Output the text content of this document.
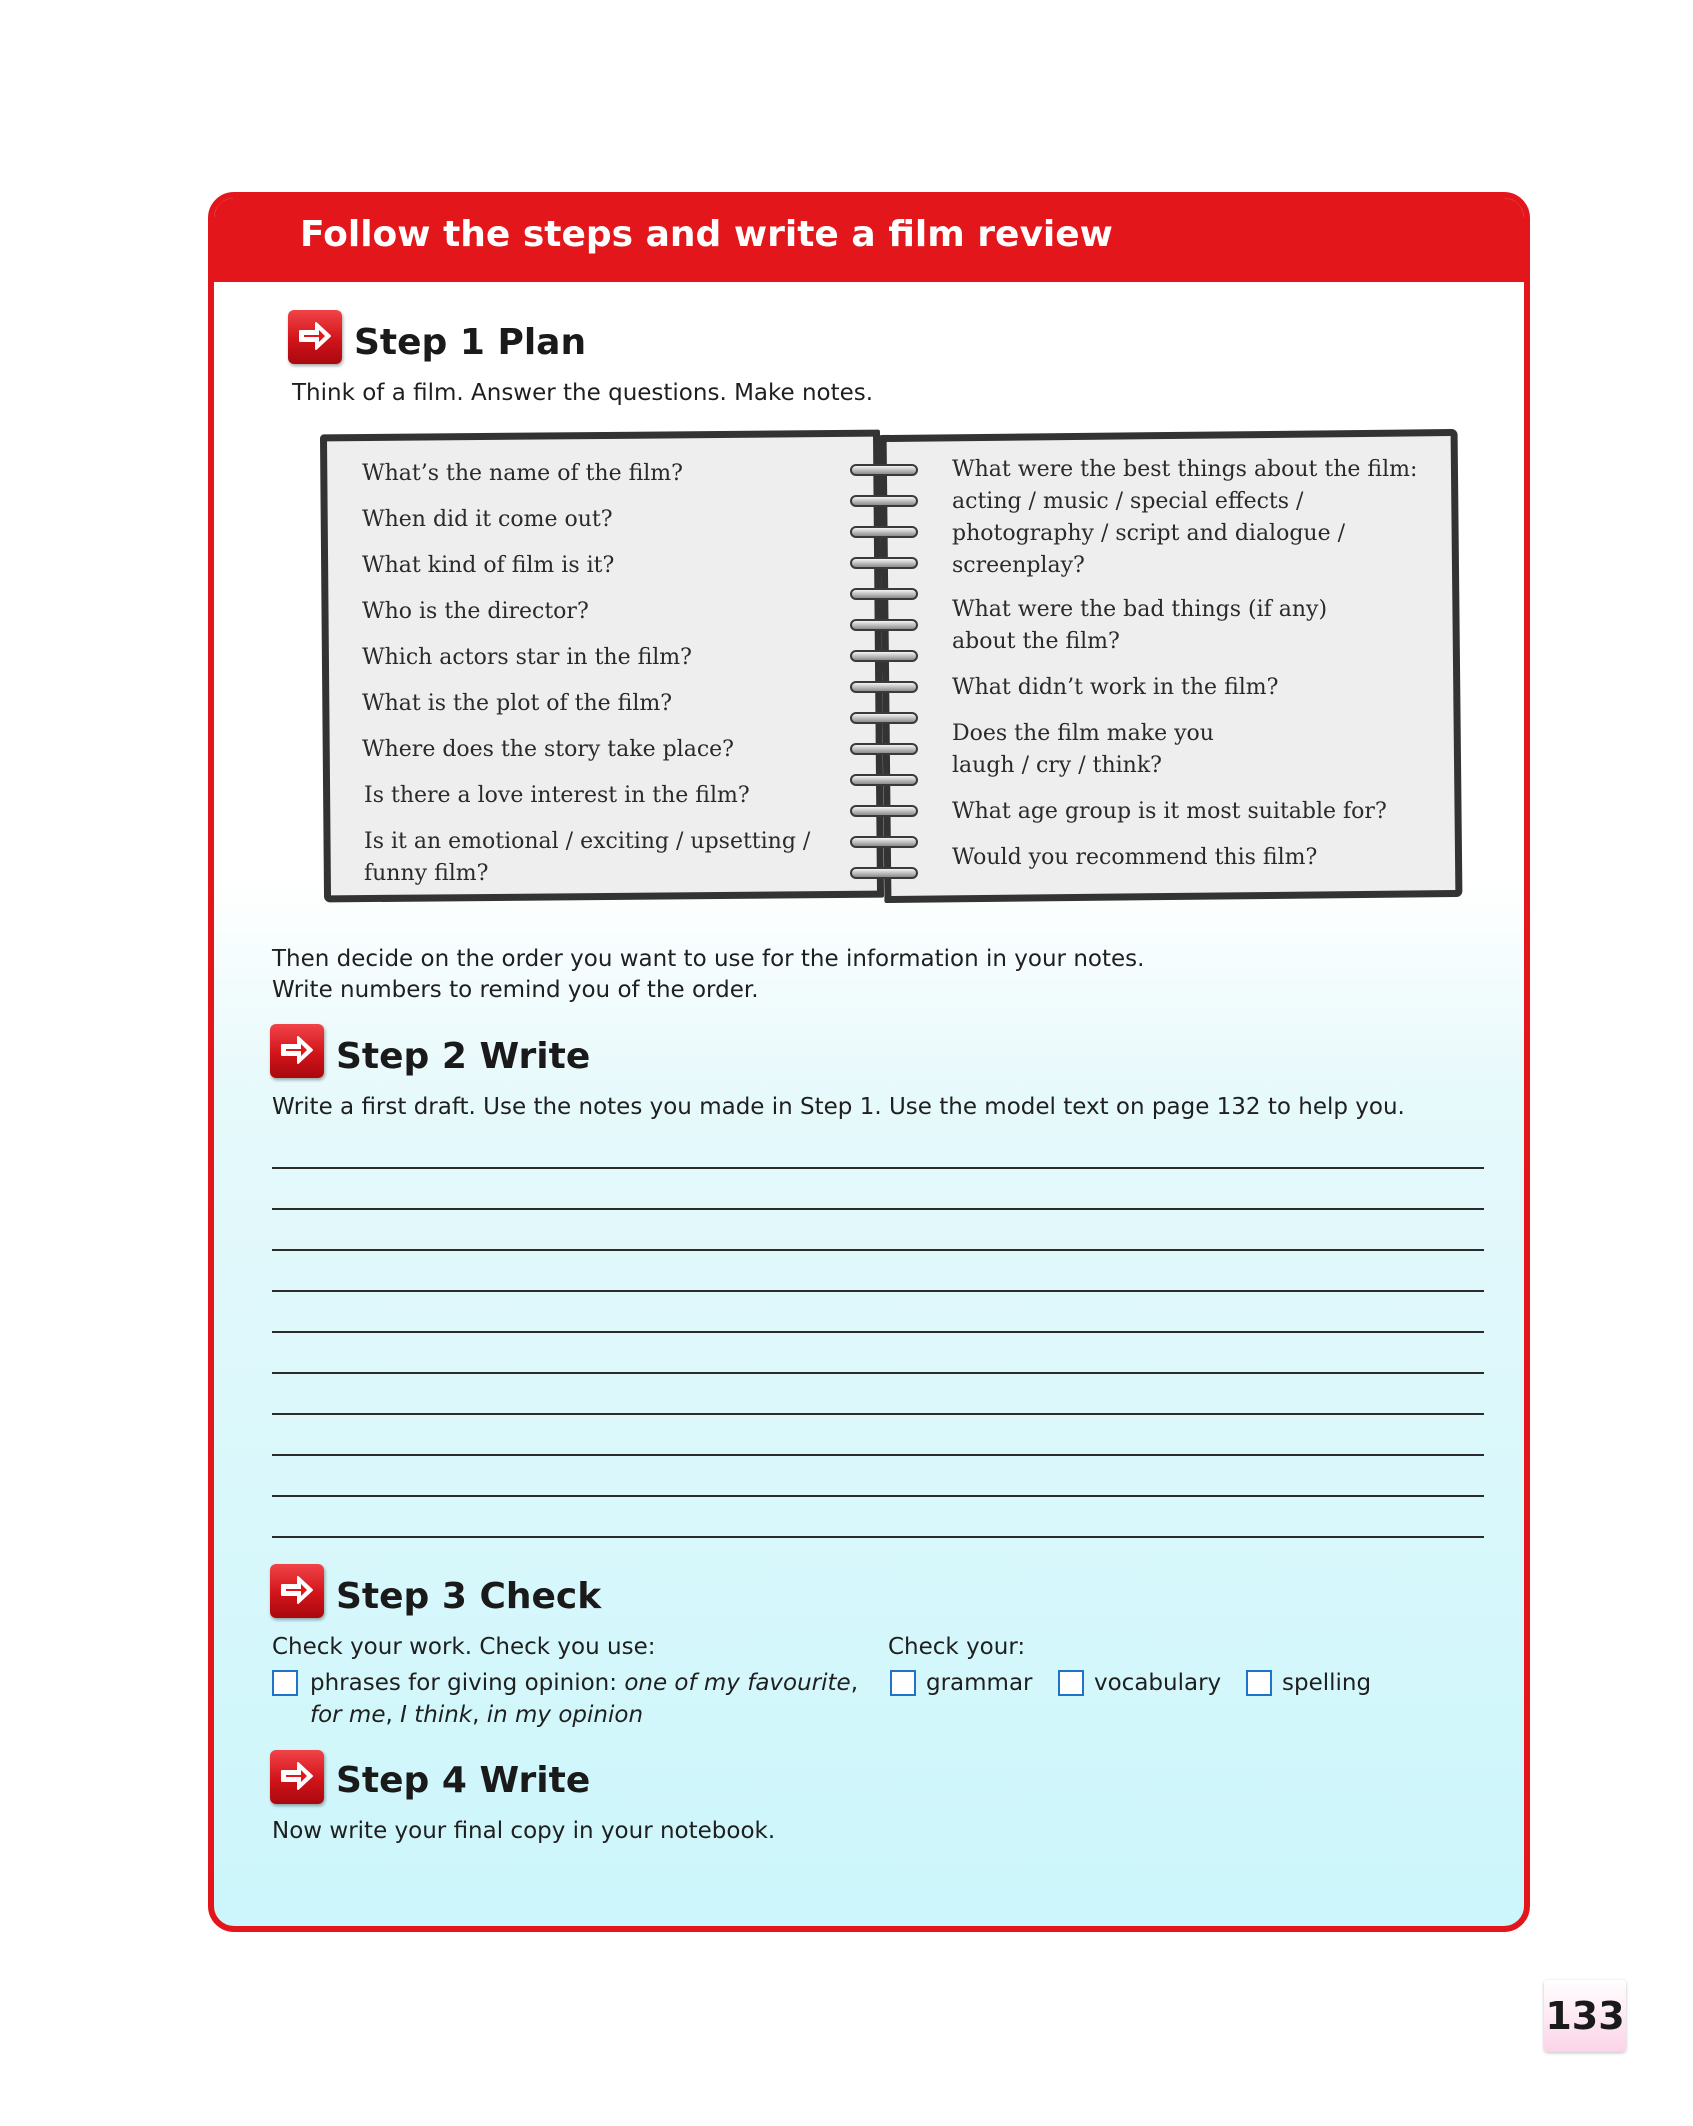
Follow the steps and write a film review
Step 1 Plan
Think of a film. Answer the questions. Make notes.
What’s the name of the film?
When did it come out?
What kind of film is it?
Who is the director?
Which actors star in the film?
What is the plot of the film?
Where does the story take place?
Is there a love interest in the film?
Is it an emotional / exciting / upsetting /
funny film?
What were the best things about the film:
acting / music / special effects /
photography / script and dialogue /
screenplay?
What were the bad things (if any)
about the film?
What didn’t work in the film?
Does the film make you
laugh / cry / think?
What age group is it most suitable for?
Would you recommend this film?
Then decide on the order you want to use for the information in your notes.
Write numbers to remind you of the order.
Step 2 Write
Write a first draft. Use the notes you made in Step 1. Use the model text on page 132 to help you.
Step 3 Check
Check your work. Check you use:	Check your:
phrases for giving opinion: one of my favourite,
for me, I think, in my opinion
grammar	vocabulary	spelling
Step 4 Write
Now write your final copy in your notebook.
133
